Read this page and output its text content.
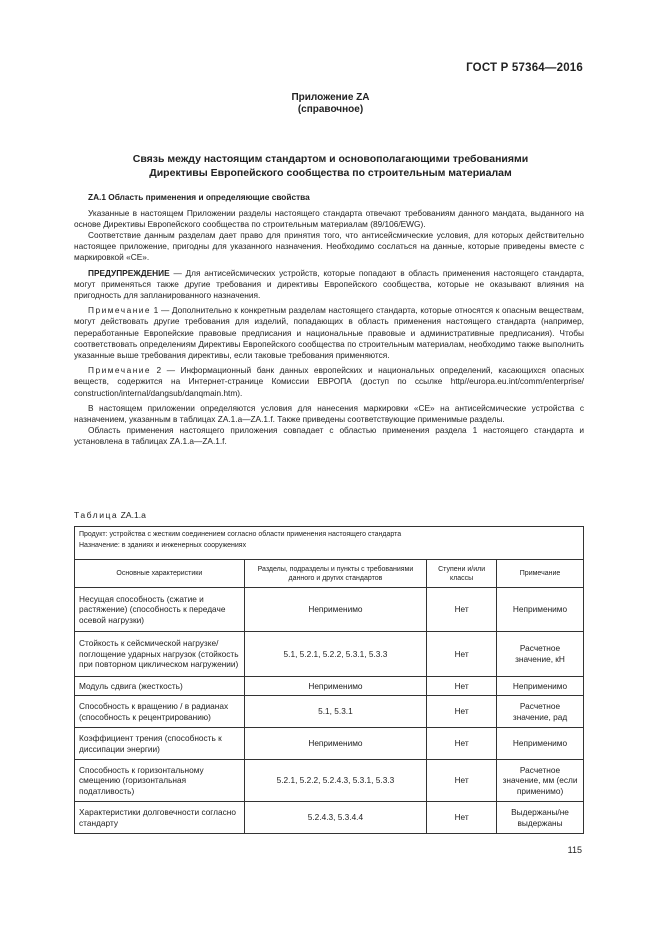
ГОСТ Р 57364—2016
Приложение ZA
(справочное)
Связь между настоящим стандартом и основополагающими требованиями
Директивы Европейского сообщества по строительным материалам

ZA.1 Область применения и определяющие свойства

Указанные в настоящем Приложении разделы настоящего стандарта отвечают требованиям данного мандата, выданного на основе Директивы Европейского сообщества по строительным материалам (89/106/EWG).

Соответствие данным разделам дает право для принятия того, что антисейсмические условия, для которых действительно настоящее приложение, пригодны для указанного назначения. Необходимо сослаться на данные, которые приведены вместе с маркировкой «CE».

ПРЕДУПРЕЖДЕНИЕ — Для антисейсмических устройств, которые попадают в область применения настоящего стандарта, могут применяться также другие требования и директивы Европейского сообщества, которые не оказывают влияния на пригодность для запланированного назначения.

Примечание 1 — Дополнительно к конкретным разделам настоящего стандарта, которые относятся к опасным веществам, могут действовать другие требования для изделий, попадающих в область применения настоящего стандарта (например, переработанные Европейские правовые предписания и национальные правовые и административные предписания). Чтобы соответствовать определениям Директивы Европейского сообщества по строительным материалам, необходимо также выполнить указанные выше требования директивы, если таковые требования применяются.

Примечание 2 — Информационный банк данных европейских и национальных определений, касающихся опасных веществ, содержится на Интернет-странице Комиссии ЕВРОПА (доступ по ссылке http//europa.eu.int/comm/enterprise/ construction/internal/dangsub/danqmain.htm).

В настоящем приложении определяются условия для нанесения маркировки «CE» на антисейсмические устройства с назначением, указанным в таблицах ZA.1.a—ZA.1.f. Также приведены соответствующие применимые разделы.

Область применения настоящего приложения совпадает с областью применения раздела 1 настоящего стандарта и установлена в таблицах ZA.1.a—ZA.1.f.

Таблица ZA.1.a
Продукт: устройства с жестким соединением согласно области применения настоящего стандарта
Назначение: в зданиях и инженерных сооружениях			

Основные характеристики	Разделы, подразделы и пункты с требованиями данного и других стандартов	Ступени и/или классы	Примечание
Несущая способность (сжатие и растяжение) (способность к передаче осевой нагрузки)	Неприменимо	Нет	Неприменимо
Стойкость к сейсмической нагрузке/поглощение ударных нагрузок (стойкость при повторном циклическом нагружении)	5.1, 5.2.1, 5.2.2, 5.3.1, 5.3.3	Нет	Расчетное значение, кН
Модуль сдвига (жесткость)	Неприменимо	Нет	Неприменимо
Способность к вращению / в радианах (способность к рецентрированию)	5.1, 5.3.1	Нет	Расчетное значение, рад
Коэффициент трения (способность к диссипации энергии)	Неприменимо	Нет	Неприменимо
Способность к горизонтальному смещению (горизонтальная податливость)	5.2.1, 5.2.2, 5.2.4.3, 5.3.1, 5.3.3	Нет	Расчетное значение, мм (если применимо)
Характеристики долговечности согласно стандарту	5.2.4.3, 5.3.4.4	Нет	Выдержаны/не выдержаны
115
